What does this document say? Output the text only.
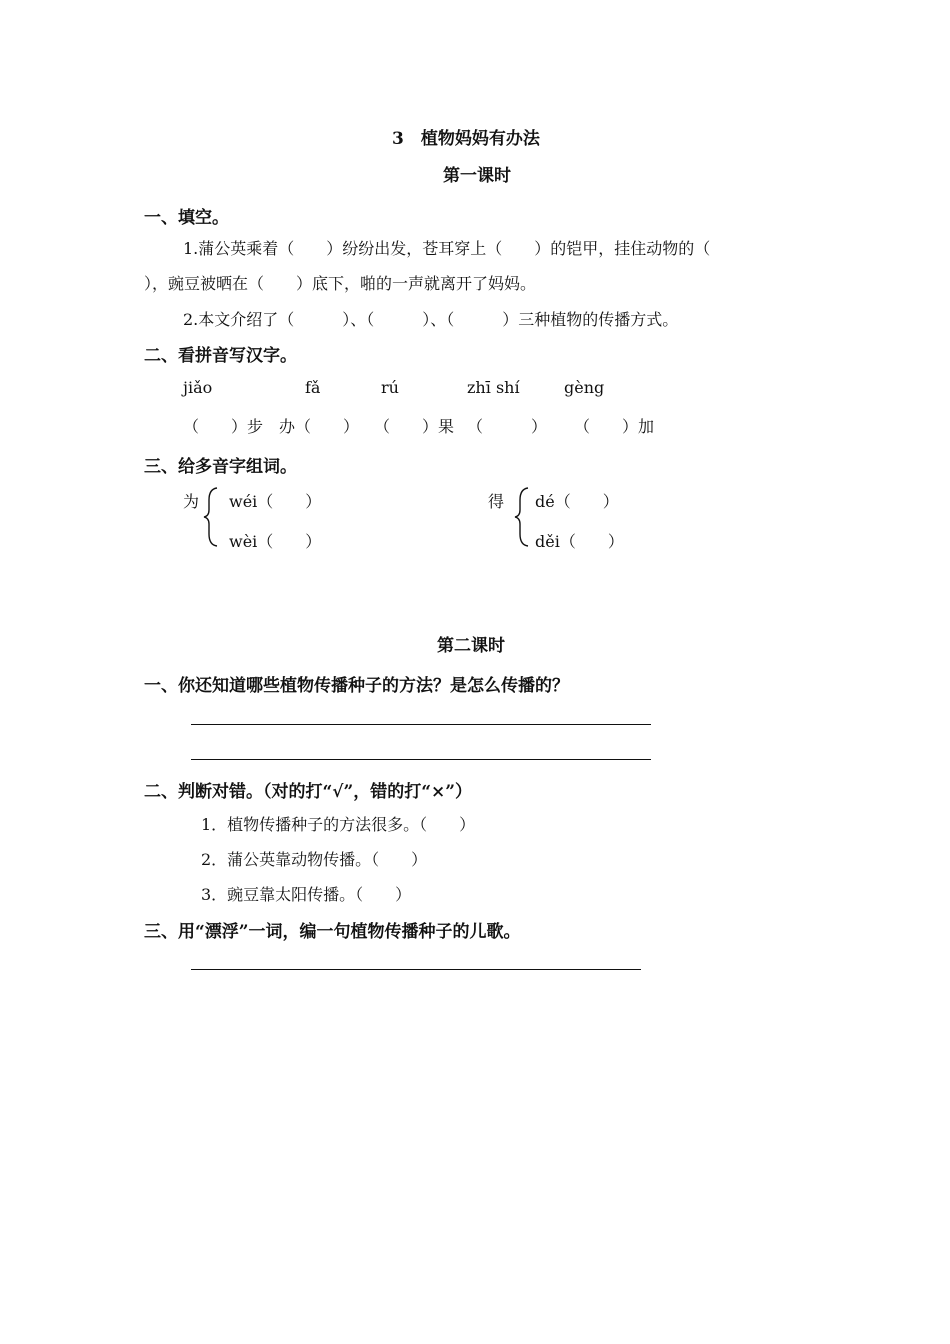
3　植物妈妈有办法
第一课时
一、填空。
1.蒲公英乘着（　　）纷纷出发，苍耳穿上（　　）的铠甲，挂住动物的（
），豌豆被晒在（　　）底下，啪的一声就离开了妈妈。
2.本文介绍了（　　　）、（　　　）、（　　　）三种植物的传播方式。
二、看拼音写汉字。
jiǎo	fǎ	rú	zhī shí	gèng
（　　）步 办（　　） （　　）果 （　　　） （　　）加
三、给多音字组词。
为 wéi（　　）
wèi（　　）
得 dé（　　）
děi（　　）
第二课时
一、你还知道哪些植物传播种子的方法？是怎么传播的？
二、判断对错。（对的打“√”，错的打“×”）
1．植物传播种子的方法很多。（　　）
2．蒲公英靠动物传播。（　　）
3．豌豆靠太阳传播。（　　）
三、用“漂浮”一词，编一句植物传播种子的儿歌。
